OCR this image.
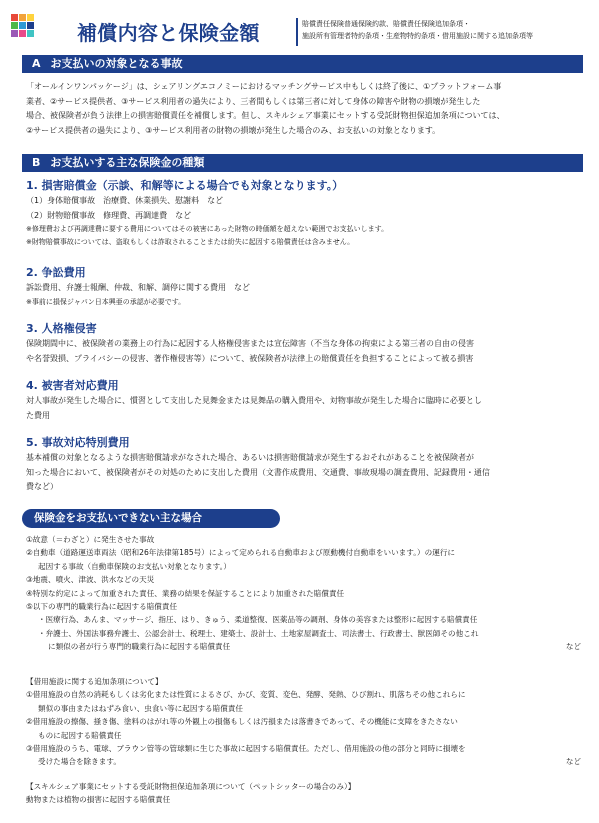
補償内容と保険金額	賠償責任保険普通保険約款、賠償責任保険追加条項・
施設所有管理者特約条項・生産物特約条項・借用施設に関する追加条項等
A お支払いの対象となる事故

「オールインワンパッケージ」は、シェアリングエコノミーにおけるマッチングサービス中もしくは終了後に、①プラットフォーム事

業者、②サービス提供者、③サービス利用者の過失により、三者間もしくは第三者に対して身体の障害や財物の損壊が発生した

場合、被保険者が負う法律上の損害賠償責任を補償します。但し、スキルシェア事業にセットする受託財物担保追加条項については、

②サービス提供者の過失により、③サービス利用者の財物の損壊が発生した場合のみ、お支払いの対象となります。

B お支払いする主な保険金の種類
1. 損害賠償金（示談、和解等による場合でも対象となります。）

（1）身体賠償事故　治療費、休業損失、慰謝料　など

（2）財物賠償事故　修理費、再調達費　など

※修理費および再調達費に要する費用についてはその被害にあった財物の時価額を超えない範囲でお支払いします。

※財物賠償事故については、盗取もしくは詐取されることまたは紛失に起因する賠償責任は含みません。

2. 争訟費用

訴訟費用、弁護士報酬、仲裁、和解、調停に関する費用　など

※事前に損保ジャパン日本興亜の承認が必要です。

3. 人格権侵害

保険期間中に、被保険者の業務上の行為に起因する人格権侵害または宣伝障害（不当な身体の拘束による第三者の自由の侵害

や名誉毀損、プライバシーの侵害、著作権侵害等）について、被保険者が法律上の賠償責任を負担することによって被る損害

4. 被害者対応費用

対人事故が発生した場合に、慣習として支出した見舞金または見舞品の購入費用や、対物事故が発生した場合に臨時に必要とし

た費用

5. 事故対応特別費用

基本補償の対象となるような損害賠償請求がなされた場合、あるいは損害賠償請求が発生するおそれがあることを被保険者が

知った場合において、被保険者がその対処のために支出した費用（文書作成費用、交通費、事故現場の調査費用、記録費用・通信

費など）

保険金をお支払いできない主な場合
①故意（＝わざと）に発生させた事故
②自動車（道路運送車両法（昭和26年法律第185号）によって定められる自動車および原動機付自動車をいいます。）の運行に
起因する事故（自動車保険のお支払い対象となります。）
③地震、噴火、津波、洪水などの天災
④特別な約定によって加重された責任、業務の結果を保証することにより加重された賠償責任
⑤以下の専門的職業行為に起因する賠償責任
・医療行為、あんま、マッサージ、指圧、はり、きゅう、柔道整復、医薬品等の調剤、身体の美容または整形に起因する賠償責任
・弁護士、外国法事務弁護士、公認会計士、税理士、建築士、設計士、土地家屋調査士、司法書士、行政書士、獣医師その他これ
に類似の者が行う専門的職業行為に起因する賠償責任	など
【借用施設に関する追加条項について】
①借用施設の自然の消耗もしくは劣化または性質によるさび、かび、変質、変色、発酵、発熱、ひび割れ、肌落ちその他これらに
類似の事由またはねずみ食い、虫食い等に起因する賠償責任
②借用施設の擦傷、掻き傷、塗料のはがれ等の外観上の損傷もしくは汚損または落書きであって、その機能に支障をきたさない
ものに起因する賠償責任
③借用施設のうち、電球、ブラウン管等の管球類に生じた事故に起因する賠償責任。ただし、借用施設の他の部分と同時に損壊を
受けた場合を除きます。	など
【スキルシェア事業にセットする受託財物担保追加条項について（ペットシッターの場合のみ）】
動物または植物の損害に起因する賠償責任
